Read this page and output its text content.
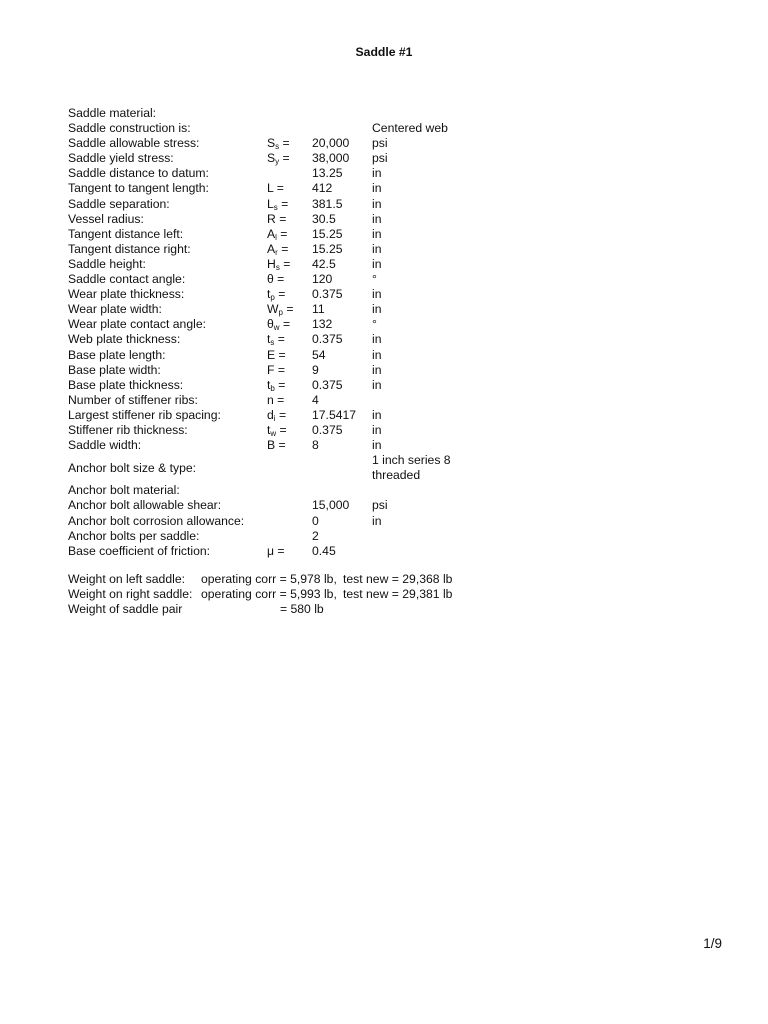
Saddle #1
Saddle material:
Saddle construction is:	Centered web
Saddle allowable stress:	$S_s = 20,000$ psi
Saddle yield stress:	$S_y = 38,000$ psi
Saddle distance to datum:	13.25 in
Tangent to tangent length:	L = 412	in
Saddle separation:	$L_s = 381.5$ in
Vessel radius:	R = 30.5	in
Tangent distance left:	$A_l = 15.25$ in
Tangent distance right:	$A_r = 15.25$ in
Saddle height:	$H_s = 42.5$	in
Saddle contact angle:	θ = 120	°
Wear plate thickness:	$t_p = 0.375$ in
Wear plate width:	$W_p = 11$	in
Wear plate contact angle:	$\theta_w = 132$	°
Web plate thickness:	$t_s = 0.375$ in
Base plate length:	E = 54	in
Base plate width:	F = 9	in
Base plate thickness:	$t_b = 0.375$ in
Number of stiffener ribs:	n = 4
Largest stiffener rib spacing:	$d_i = 17.5417$ in
Stiffener rib thickness:	$t_w = 0.375$ in
Saddle width:	B = 8	in
Anchor bolt size & type:
1 inch series 8 threaded
Anchor bolt material:
Anchor bolt allowable shear:	15,000 psi
Anchor bolt corrosion allowance:	0	in
Anchor bolts per saddle:	2
Base coefficient of friction:	μ = 0.45
Weight on left saddle: operating corr = 5,978 lb, test new = 29,368 lb
Weight on right saddle: operating corr = 5,993 lb, test new = 29,381 lb
Weight of saddle pair	= 580 lb
1/9
